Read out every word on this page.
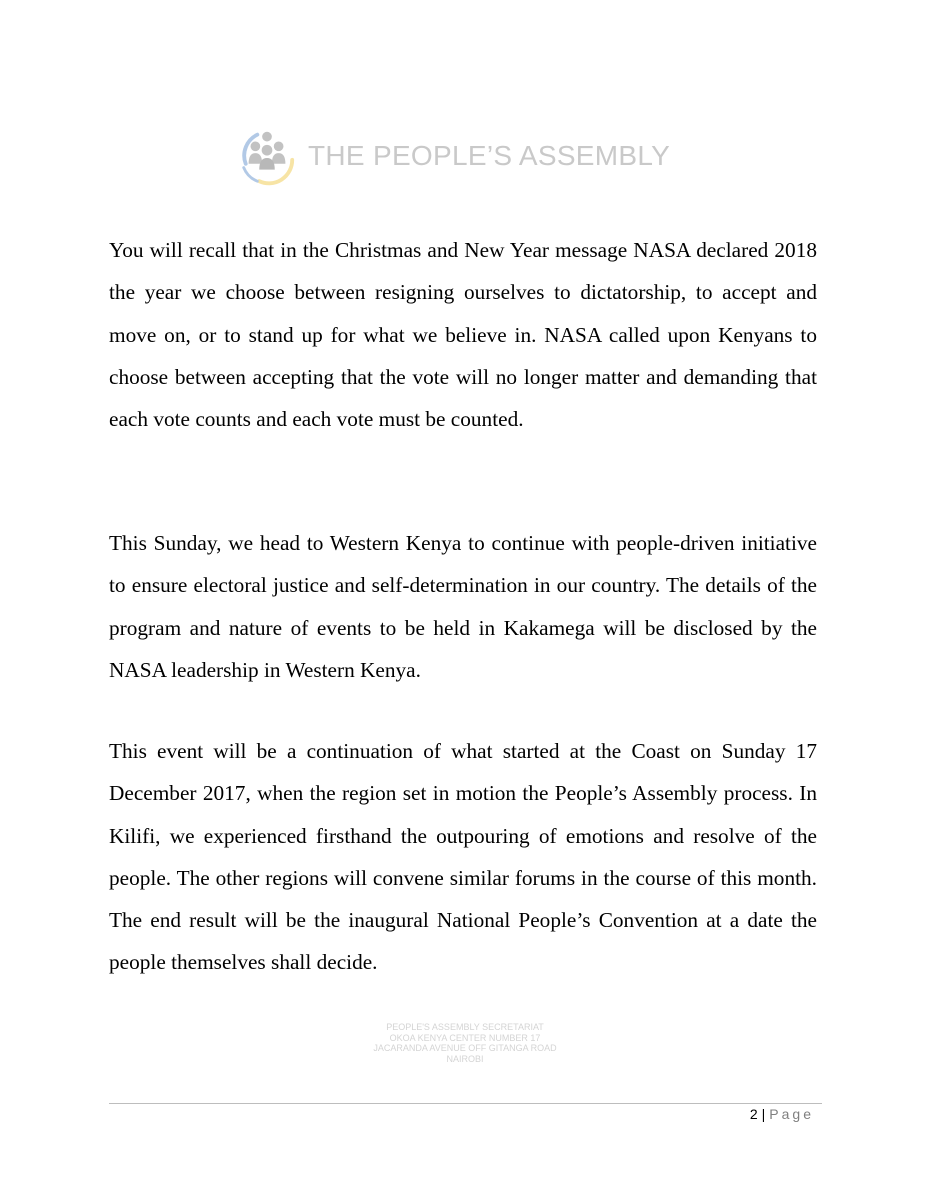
THE PEOPLE’S ASSEMBLY

You will recall that in the Christmas and New Year message NASA declared 2018 the year we choose between resigning ourselves to dictatorship, to accept and move on, or to stand up for what we believe in. NASA called upon Kenyans to choose between accepting that the vote will no longer matter and demanding that each vote counts and each vote must be counted.

This Sunday, we head to Western Kenya to continue with people-driven initiative to ensure electoral justice and self-determination in our country. The details of the program and nature of events to be held in Kakamega will be disclosed by the NASA leadership in Western Kenya.

This event will be a continuation of what started at the Coast on Sunday 17 December 2017, when the region set in motion the People’s Assembly process. In Kilifi, we experienced firsthand the outpouring of emotions and resolve of the people. The other regions will convene similar forums in the course of this month. The end result will be the inaugural National People’s Convention at a date the people themselves shall decide.

PEOPLE'S ASSEMBLY SECRETARIAT
OKOA KENYA CENTER NUMBER 17
JACARANDA AVENUE OFF GITANGA ROAD
NAIROBI
2 | Page
